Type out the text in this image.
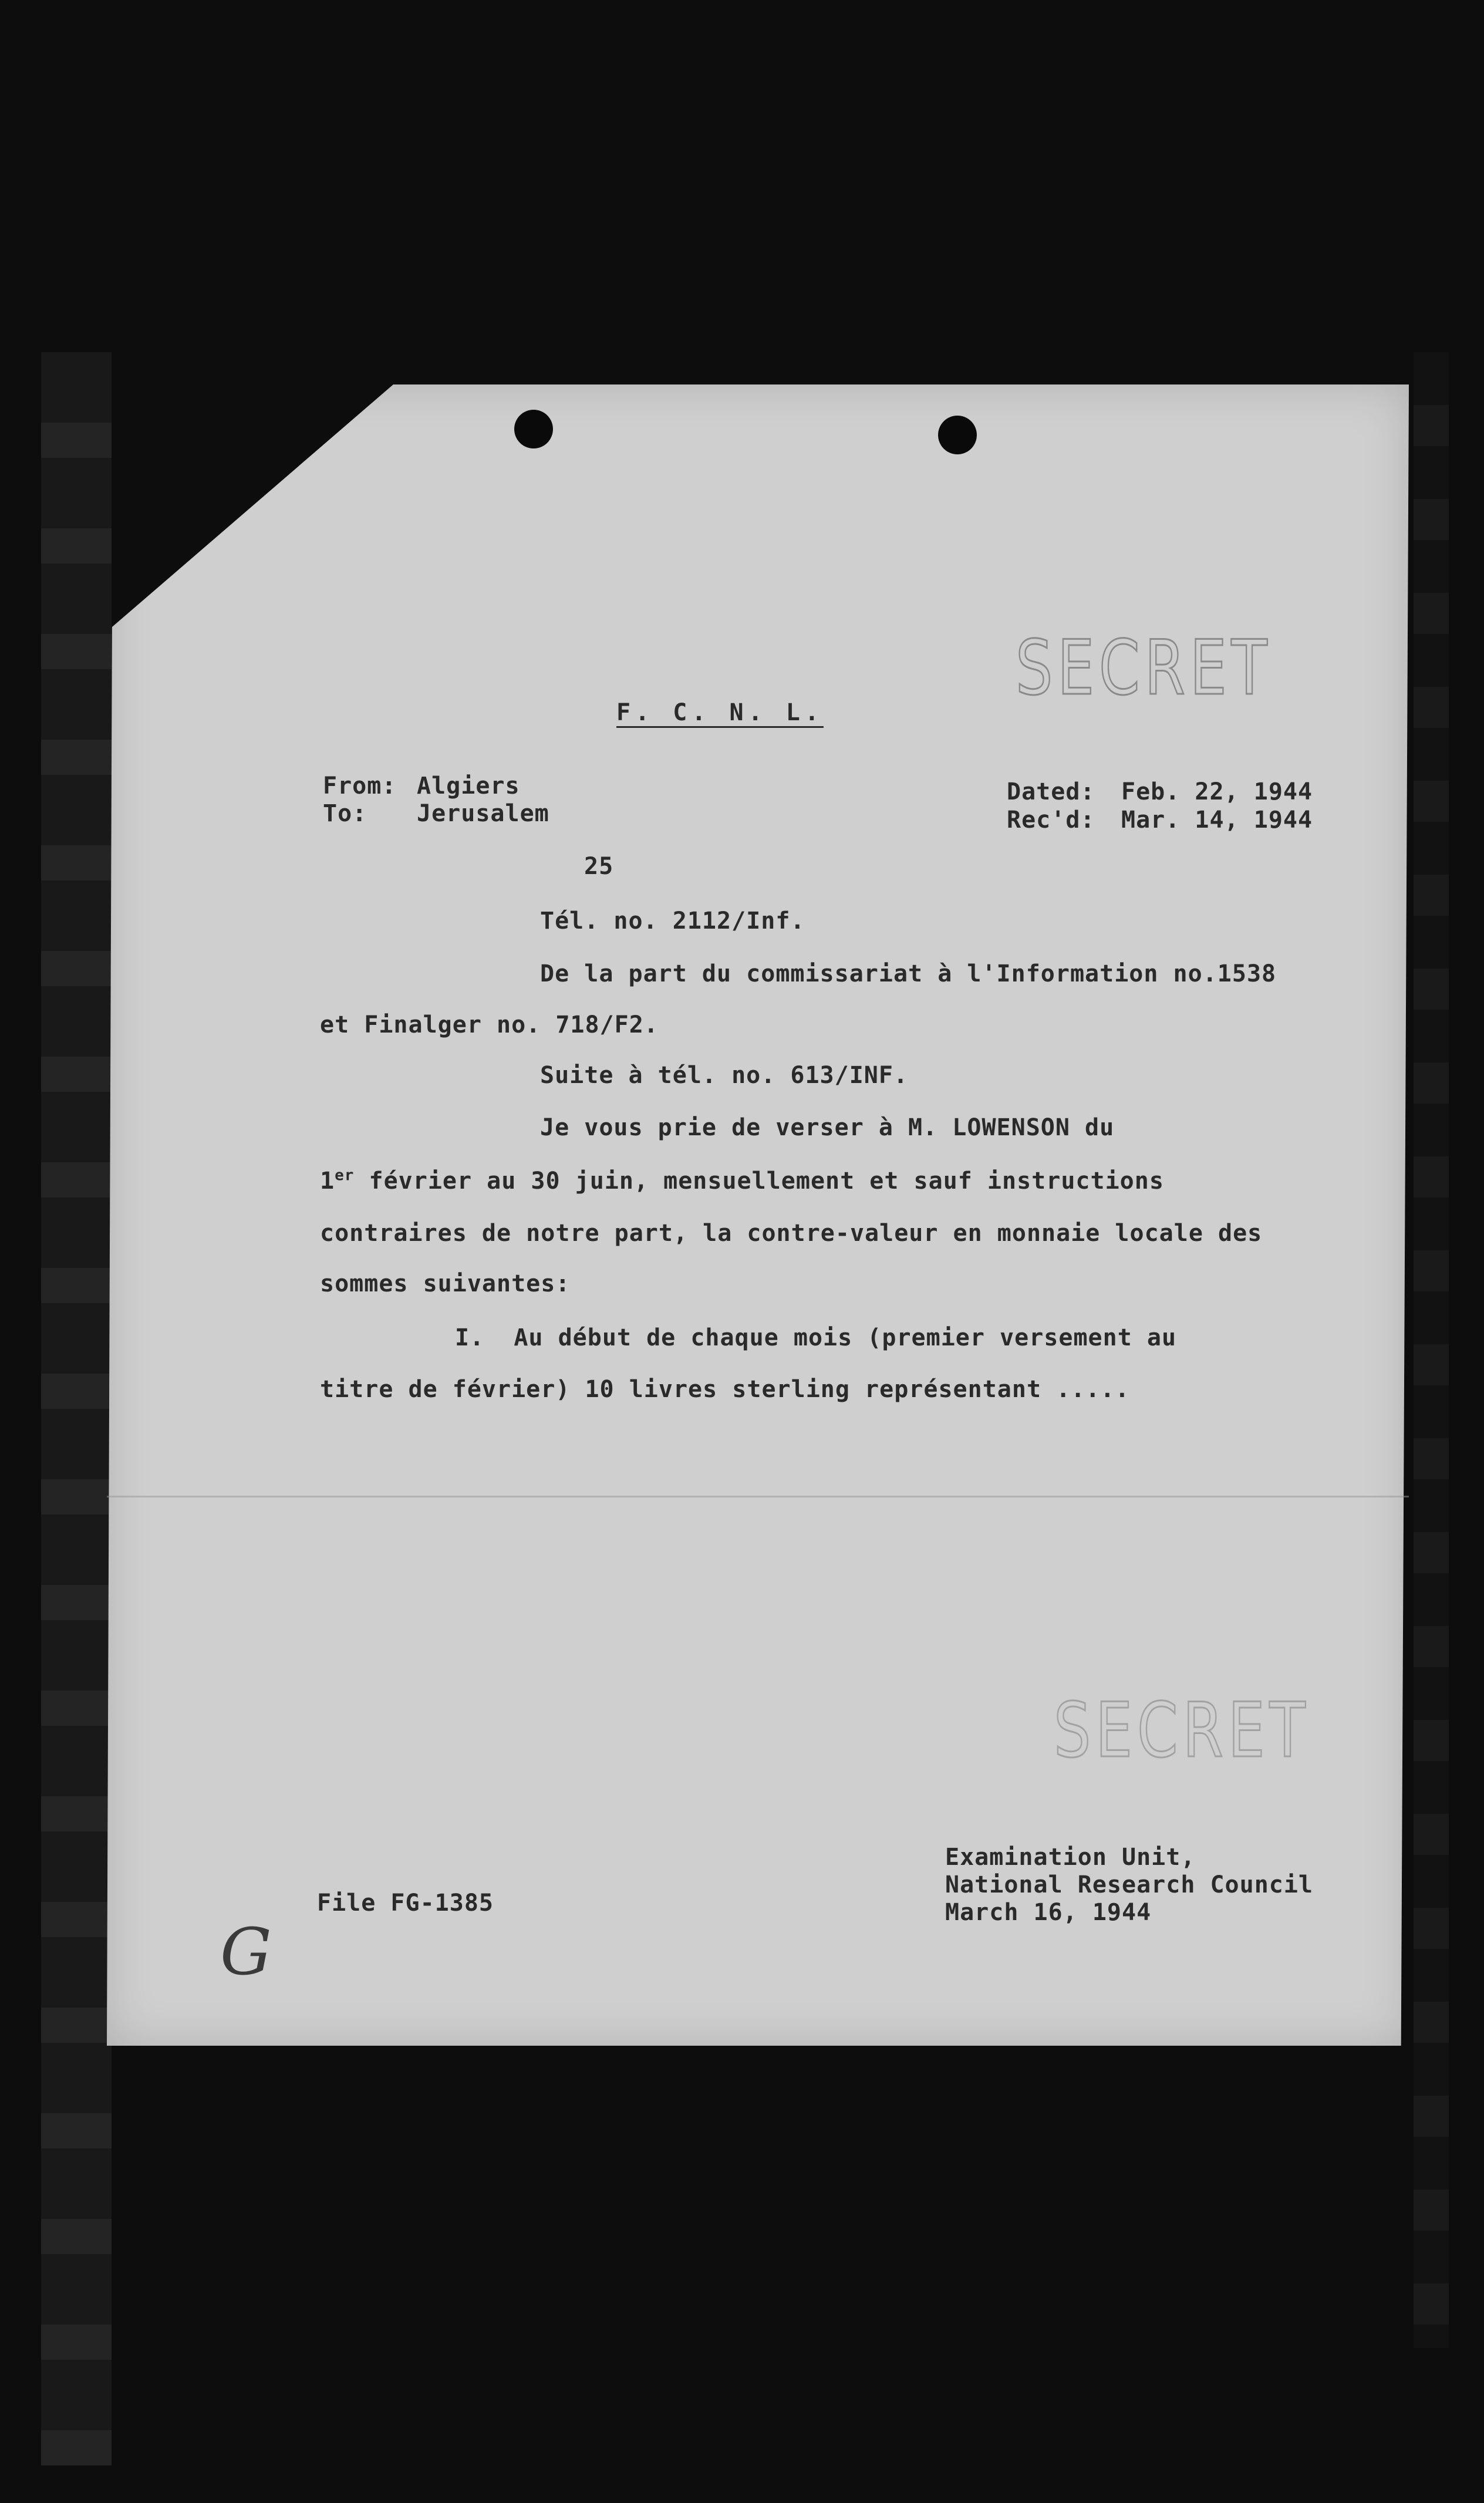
SECRET
SECRET
F. C. N. L.
From: Algiers
To: Jerusalem
Dated: Feb. 22, 1944
Rec'd: Mar. 14, 1944
25
Tél. no. 2112/Inf.
De la part du commissariat à l'Information no.1538
et Finalger no. 718/F2.
Suite à tél. no. 613/INF.
Je vous prie de verser à M. LOWENSON du
1er février au 30 juin, mensuellement et sauf instructions
contraires de notre part, la contre-valeur en monnaie locale des
sommes suivantes:
I.  Au début de chaque mois (premier versement au
titre de février) 10 livres sterling représentant .....
Examination Unit,
National Research Council
March 16, 1944
File FG-1385
G
